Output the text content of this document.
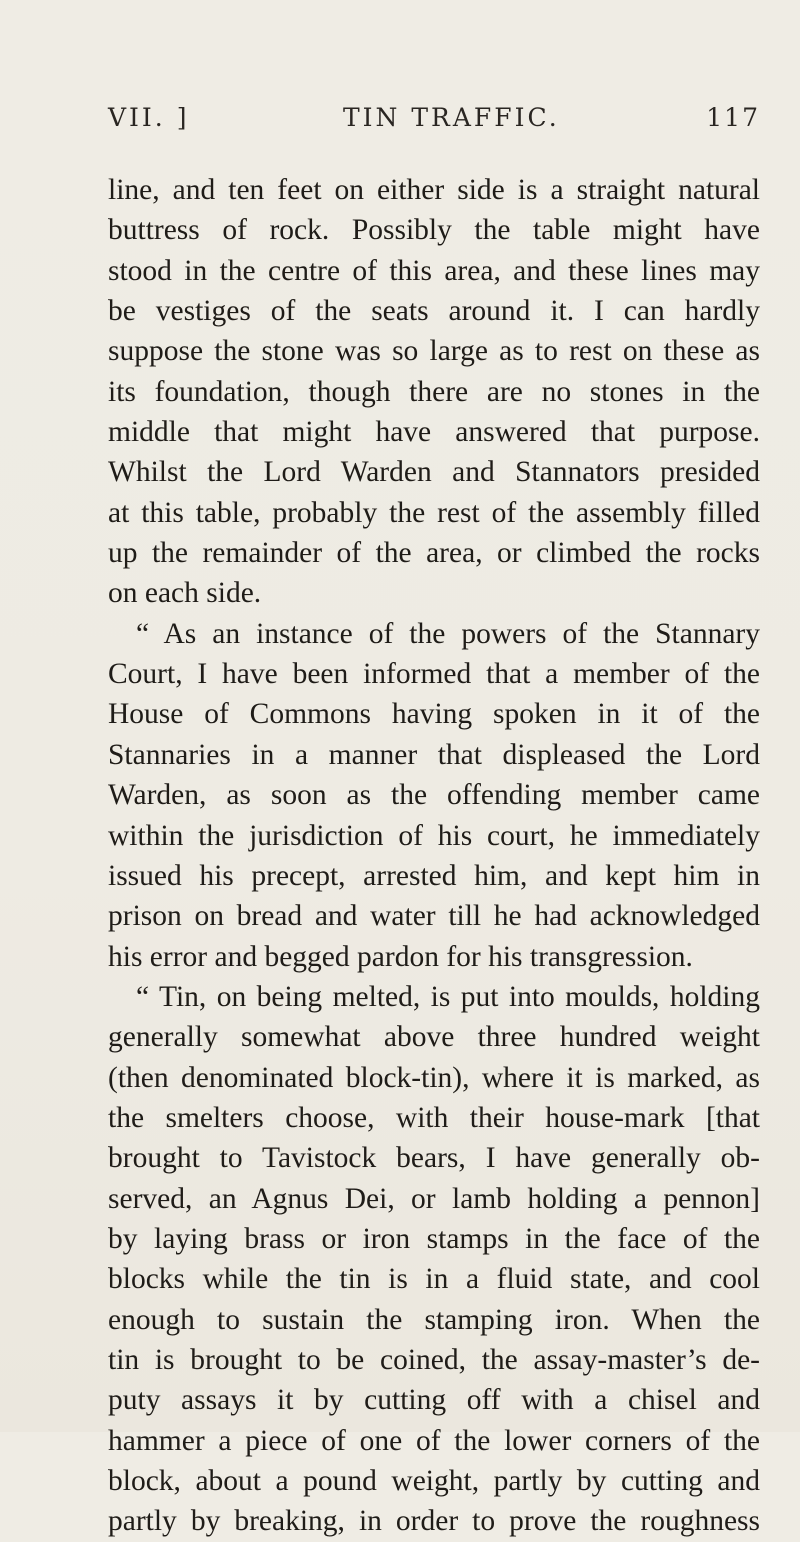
VII. ]	TIN TRAFFIC.	117
line, and ten feet on either side is a straight natural
buttress of rock. Possibly the table might have
stood in the centre of this area, and these lines may
be vestiges of the seats around it. I can hardly
suppose the stone was so large as to rest on these as
its foundation, though there are no stones in the
middle that might have answered that purpose.
Whilst the Lord Warden and Stannators presided
at this table, probably the rest of the assembly filled
up the remainder of the area, or climbed the rocks
on each side.
“ As an instance of the powers of the Stannary
Court, I have been informed that a member of the
House of Commons having spoken in it of the
Stannaries in a manner that displeased the Lord
Warden, as soon as the offending member came
within the jurisdiction of his court, he immediately
issued his precept, arrested him, and kept him in
prison on bread and water till he had acknowledged
his error and begged pardon for his transgression.
“ Tin, on being melted, is put into moulds, holding
generally somewhat above three hundred weight
(then denominated block-tin), where it is marked, as
the smelters choose, with their house-mark [that
brought to Tavistock bears, I have generally ob-
served, an Agnus Dei, or lamb holding a pennon]
by laying brass or iron stamps in the face of the
blocks while the tin is in a fluid state, and cool
enough to sustain the stamping iron. When the
tin is brought to be coined, the assay-master’s de-
puty assays it by cutting off with a chisel and
hammer a piece of one of the lower corners of the
block, about a pound weight, partly by cutting and
partly by breaking, in order to prove the roughness
